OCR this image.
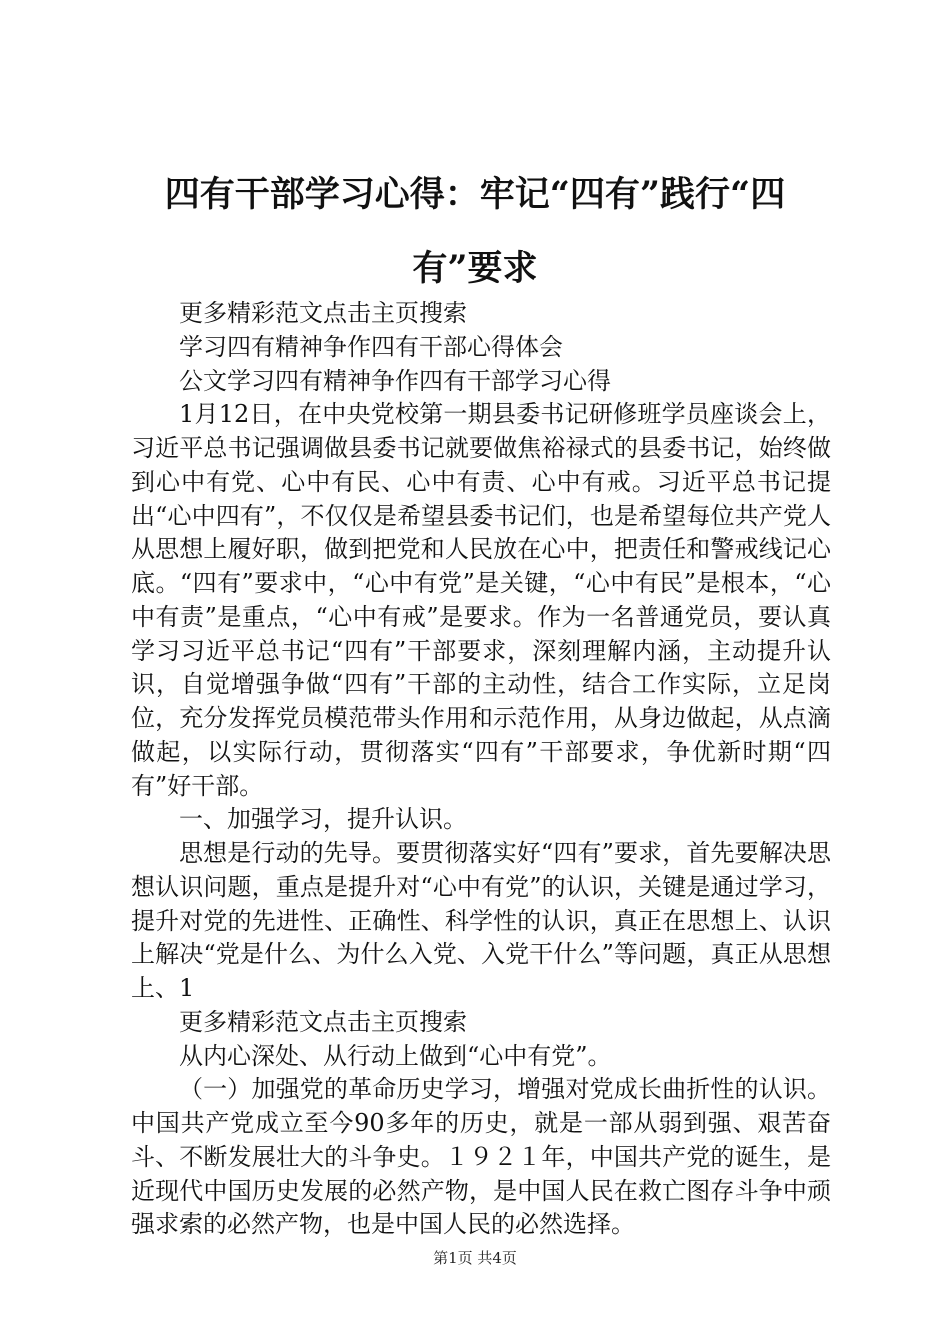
四有干部学习心得：牢记“四有”践行“四有”要求

更多精彩范文点击主页搜索

学习四有精神争作四有干部心得体会

公文学习四有精神争作四有干部学习心得

1月12日，在中央党校第一期县委书记研修班学员座谈会上，习近平总书记强调做县委书记就要做焦裕禄式的县委书记，始终做到心中有党、心中有民、心中有责、心中有戒。习近平总书记提出“心中四有”，不仅仅是希望县委书记们，也是希望每位共产党人从思想上履好职，做到把党和人民放在心中，把责任和警戒线记心底。“四有”要求中，“心中有党”是关键，“心中有民”是根本，“心中有责”是重点，“心中有戒”是要求。作为一名普通党员，要认真学习习近平总书记“四有”干部要求，深刻理解内涵，主动提升认识，自觉增强争做“四有”干部的主动性，结合工作实际，立足岗位，充分发挥党员模范带头作用和示范作用，从身边做起，从点滴做起，以实际行动，贯彻落实“四有”干部要求，争优新时期“四有”好干部。

一、加强学习，提升认识。

思想是行动的先导。要贯彻落实好“四有”要求，首先要解决思想认识问题，重点是提升对“心中有党”的认识，关键是通过学习，提升对党的先进性、正确性、科学性的认识，真正在思想上、认识上解决“党是什么、为什么入党、入党干什么”等问题，真正从思想上、1

更多精彩范文点击主页搜索

从内心深处、从行动上做到“心中有党”。

（一）加强党的革命历史学习，增强对党成长曲折性的认识。中国共产党成立至今90多年的历史，就是一部从弱到强、艰苦奋斗、不断发展壮大的斗争史。１９２１年，中国共产党的诞生，是近现代中国历史发展的必然产物，是中国人民在救亡图存斗争中顽强求索的必然产物，也是中国人民的必然选择。

第1页 共4页
